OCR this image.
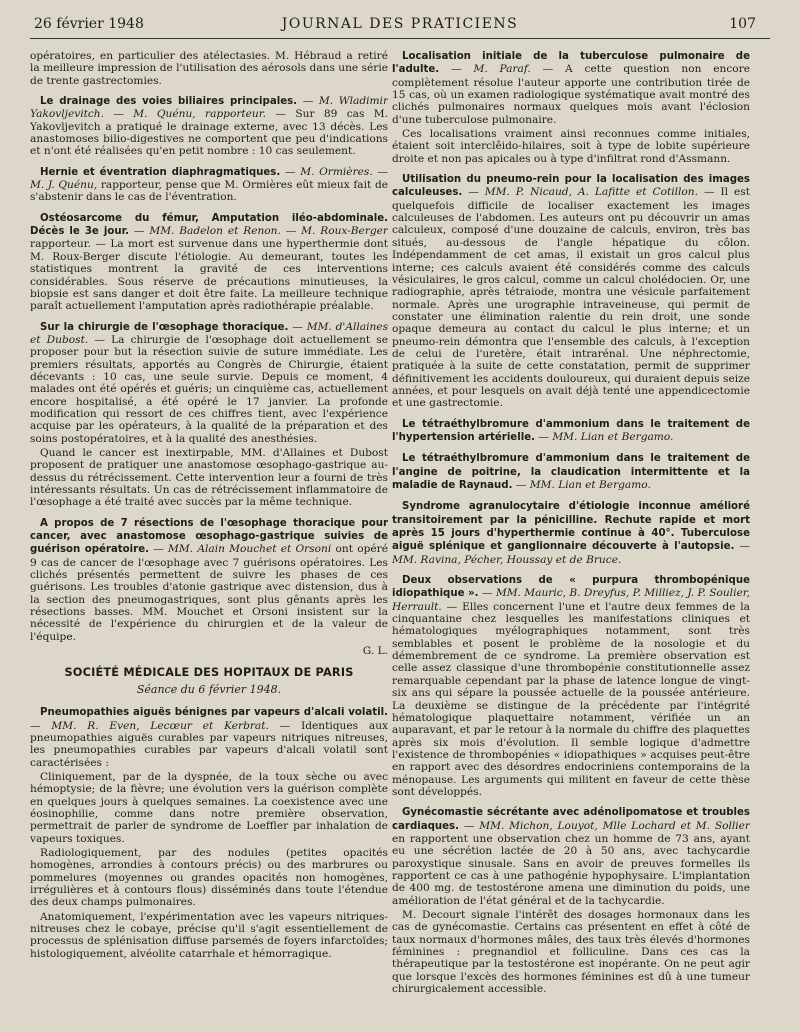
26 février 1948	JOURNAL DES PRATICIENS	107

opératoires, en particulier des atélectasies. M. Hébraud a retiré la meilleure impression de l'utilisation des aérosols dans une série de trente gastrectomies.

Le drainage des voies biliaires principales. — M. Wladimir Yakovljevitch. — M. Quénu, rapporteur. — Sur 89 cas M. Yakovljevitch a pratiqué le drainage externe, avec 13 décès. Les anastomoses bilio-digestives ne comportent que peu d'indications et n'ont été réalisées qu'en petit nombre : 10 cas seulement.

Hernie et éventration diaphragmatiques. — M. Ormières. — M. J. Quénu, rapporteur, pense que M. Ormières eût mieux fait de s'abstenir dans le cas de l'éventration.

Ostéosarcome du fémur, Amputation iléo-abdominale. Décès le 3e jour. — MM. Badelon et Renon. — M. Roux-Berger rapporteur. — La mort est survenue dans une hyperthermie dont M. Roux-Berger discute l'étiologie. Au demeurant, toutes les statistiques montrent la gravité de ces interventions considérables. Sous réserve de précautions minutieuses, la biopsie est sans danger et doit être faite. La meilleure technique paraît actuellement l'amputation après radiothérapie préalable.

Sur la chirurgie de l'œsophage thoracique. — MM. d'Allaines et Dubost. — La chirurgie de l'œsophage doit actuellement se proposer pour but la résection suivie de suture immédiate. Les premiers résultats, apportés au Congrès de Chirurgie, étaient décevants : 10 cas, une seule survie. Depuis ce moment, 4 malades ont été opérés et guéris; un cinquième cas, actuellement encore hospitalisé, a été opéré le 17 janvier. La profonde modification qui ressort de ces chiffres tient, avec l'expérience acquise par les opérateurs, à la qualité de la préparation et des soins postopératoires, et à la qualité des anesthésies.

Quand le cancer est inextirpable, MM. d'Allaines et Dubost proposent de pratiquer une anastomose œsophago-gastrique au-dessus du rétrécissement. Cette intervention leur a fourni de très intéressants résultats. Un cas de rétrécissement inflammatoire de l'œsophage a été traité avec succès par la même technique.

A propos de 7 résections de l'œsophage thoracique pour cancer, avec anastomose œsophago-gastrique suivies de guérison opératoire. — MM. Alain Mouchet et Orsoni ont opéré 9 cas de cancer de l'œsophage avec 7 guérisons opératoires. Les clichés présentés permettent de suivre les phases de ces guérisons. Les troubles d'atonie gastrique avec distension, dus à la section des pneumogastriques, sont plus gênants après les résections basses. MM. Mouchet et Orsoni insistent sur la nécessité de l'expérience du chirurgien et de la valeur de l'équipe.

G. L.

SOCIÉTÉ MÉDICALE DES HOPITAUX DE PARIS
Séance du 6 février 1948.

Pneumopathies aiguës bénignes par vapeurs d'alcali volatil. — MM. R. Even, Lecœur et Kerbrat. — Identiques aux pneumopathies aiguës curables par vapeurs nitriques nitreuses, les pneumopathies curables par vapeurs d'alcali volatil sont caractérisées :

Cliniquement, par de la dyspnée, de la toux sèche ou avec hémoptysie; de la fièvre; une évolution vers la guérison complète en quelques jours à quelques semaines. La coexistence avec une éosinophilie, comme dans notre première observation, permettrait de parler de syndrome de Loeffler par inhalation de vapeurs toxiques.

Radiologiquement, par des nodules (petites opacités homogènes, arrondies à contours précis) ou des marbrures ou pommelures (moyennes ou grandes opacités non homogènes, irrégulières et à contours flous) disséminés dans toute l'étendue des deux champs pulmonaires.

Anatomiquement, l'expérimentation avec les vapeurs nitriques-nitreuses chez le cobaye, précise qu'il s'agit essentiellement de processus de splénisation diffuse parsemés de foyers infarctoïdes; histologiquement, alvéolite catarrhale et hémorragique.

Localisation initiale de la tuberculose pulmonaire de l'adulte. — M. Paraf. — A cette question non encore complètement résolue l'auteur apporte une contribution tirée de 15 cas, où un examen radiologique systématique avait montré des clichés pulmonaires normaux quelques mois avant l'éclosion d'une tuberculose pulmonaire.

Ces localisations vraiment ainsi reconnues comme initiales, étaient soit interclêido-hilaires, soit à type de lobite supérieure droite et non pas apicales ou à type d'infiltrat rond d'Assmann.

Utilisation du pneumo-rein pour la localisation des images calculeuses. — MM. P. Nicaud, A. Lafitte et Cotillon. — Il est quelquefois difficile de localiser exactement les images calculeuses de l'abdomen. Les auteurs ont pu découvrir un amas calculeux, composé d'une douzaine de calculs, environ, très bas situés, au-dessous de l'angle hépatique du côlon. Indépendamment de cet amas, il existait un gros calcul plus interne; ces calculs avaient été considérés comme des calculs vésiculaires, le gros calcul, comme un calcul cholédocien. Or, une radiographie, après tétraiode, montra une vésicule parfaitement normale. Après une urographie intraveineuse, qui permit de constater une élimination ralentie du rein droit, une sonde opaque demeura au contact du calcul le plus interne; et un pneumo-rein démontra que l'ensemble des calculs, à l'exception de celui de l'uretère, était intrarénal. Une néphrectomie, pratiquée à la suite de cette constatation, permit de supprimer définitivement les accidents douloureux, qui duraient depuis seize années, et pour lesquels on avait déjà tenté une appendicectomie et une gastrectomie.

Le tétraéthylbromure d'ammonium dans le traitement de l'hypertension artérielle. — MM. Lian et Bergamo.

Le tétraéthylbromure d'ammonium dans le traitement de l'angine de poitrine, la claudication intermittente et la maladie de Raynaud. — MM. Lian et Bergamo.

Syndrome agranulocytaire d'étiologie inconnue amélioré transitoirement par la pénicilline. Rechute rapide et mort après 15 jours d'hyperthermie continue à 40°. Tuberculose aiguë splénique et ganglionnaire découverte à l'autopsie. — MM. Ravina, Pécher, Houssay et de Bruce.

Deux observations de « purpura thrombopénique idiopathique ». — MM. Mauric, B. Dreyfus, P. Milliez, J. P. Soulier, Herrault. — Elles concernent l'une et l'autre deux femmes de la cinquantaine chez lesquelles les manifestations cliniques et hématologiques myélographiques notamment, sont très semblables et posent le problème de la nosologie et du démembrement de ce syndrome. La première observation est celle assez classique d'une thrombopénie constitutionnelle assez remarquable cependant par la phase de latence longue de vingt-six ans qui sépare la poussée actuelle de la poussée antérieure. La deuxième se distingue de la précédente par l'intégrité hématologique plaquettaire notamment, vérifiée un an auparavant, et par le retour à la normale du chiffre des plaquettes après six mois d'évolution. Il semble logique d'admettre l'existence de thrombopénies « idiopathiques » acquises peut-être en rapport avec des désordres endocriniens contemporains de la ménopause. Les arguments qui militent en faveur de cette thèse sont développés.

Gynécomastie sécrétante avec adénolipomatose et troubles cardiaques. — MM. Michon, Louyot, Mlle Lochard et M. Sollier en rapportent une observation chez un homme de 73 ans, ayant eu une sécrétion lactée de 20 à 50 ans, avec tachycardie paroxystique sinusale. Sans en avoir de preuves formelles ils rapportent ce cas à une pathogénie hypophysaire. L'implantation de 400 mg. de testostérone amena une diminution du poids, une amélioration de l'état général et de la tachycardie.

M. Decourt signale l'intérêt des dosages hormonaux dans les cas de gynécomastie. Certains cas présentent en effet à côté de taux normaux d'hormones mâles, des taux très élevés d'hormones féminines : pregnandiol et folliculine. Dans ces cas la thérapeutique par la testostérone est inopérante. On ne peut agir que lorsque l'excès des hormones féminines est dû à une tumeur chirurgicalement accessible.
